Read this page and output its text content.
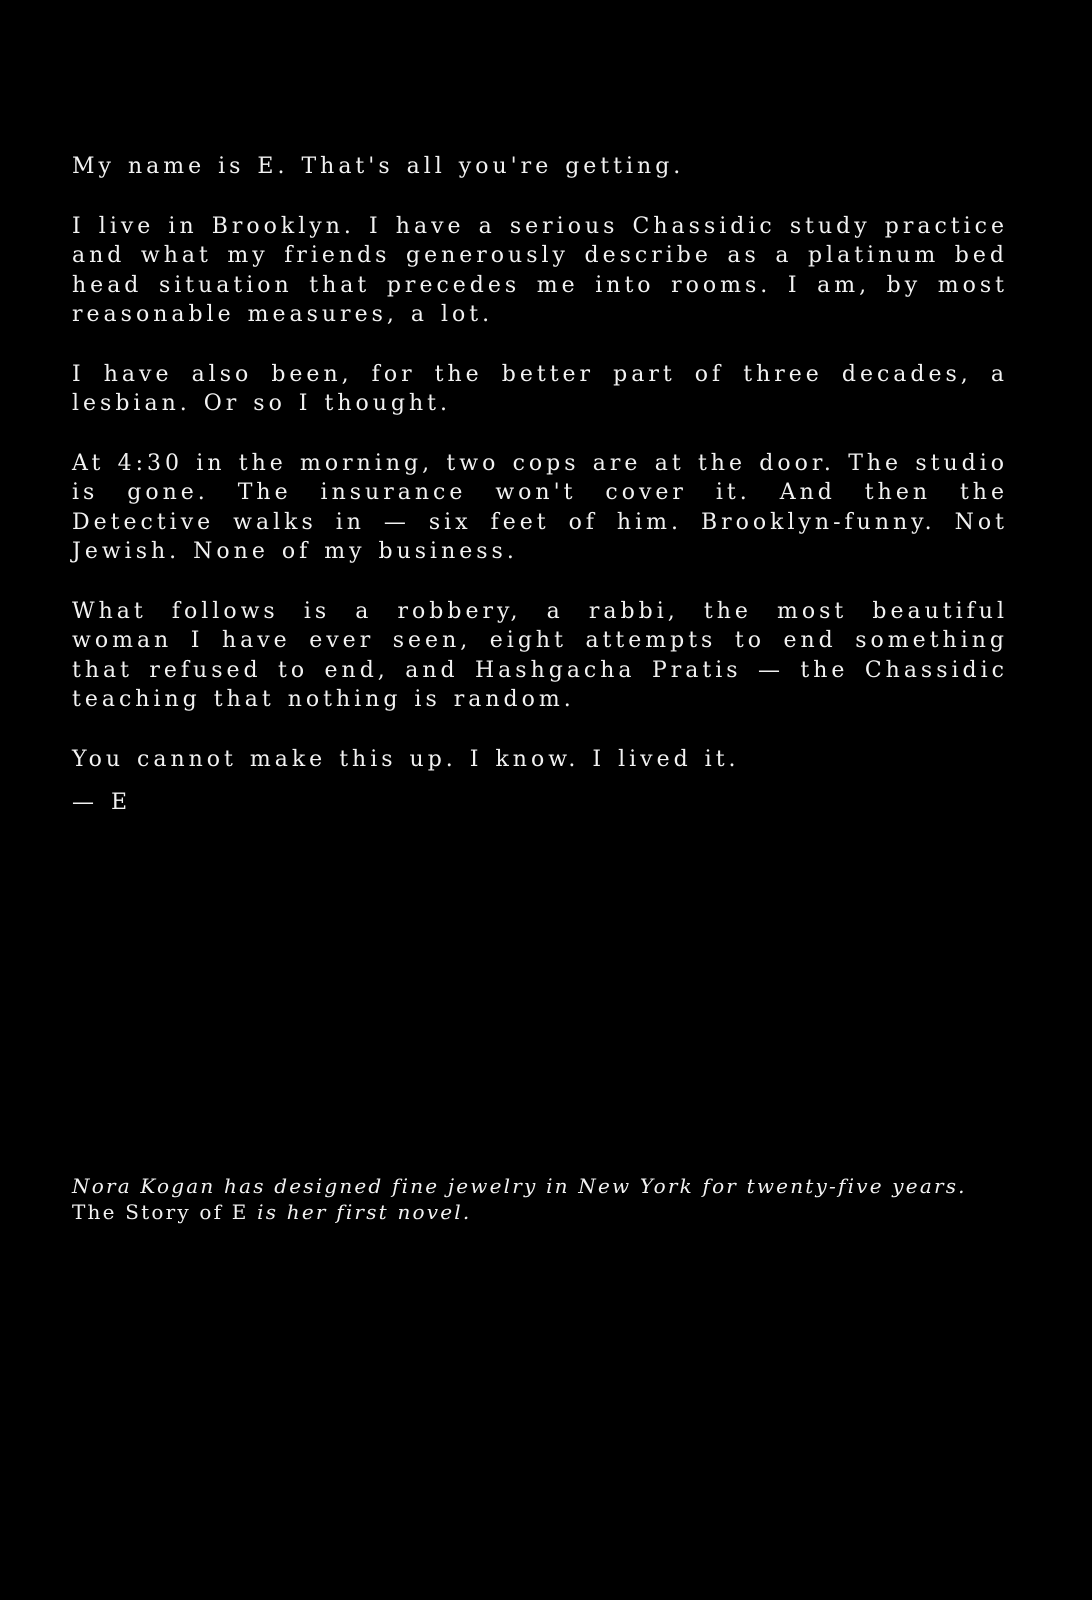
My name is E. That's all you're getting.

I live in Brooklyn. I have a serious Chassidic study practice and what my friends generously describe as a platinum bed head situation that precedes me into rooms. I am, by most reasonable measures, a lot.

I have also been, for the better part of three decades, a lesbian. Or so I thought.

At 4:30 in the morning, two cops are at the door. The studio is gone. The insurance won't cover it. And then the Detective walks in — six feet of him. Brooklyn-funny. Not Jewish. None of my business.

What follows is a robbery, a rabbi, the most beautiful woman I have ever seen, eight attempts to end something that refused to end, and Hashgacha Pratis — the Chassidic teaching that nothing is random.

You cannot make this up. I know. I lived it.

— E

Nora Kogan has designed fine jewelry in New York for twenty-five years.
The Story of E is her first novel.
